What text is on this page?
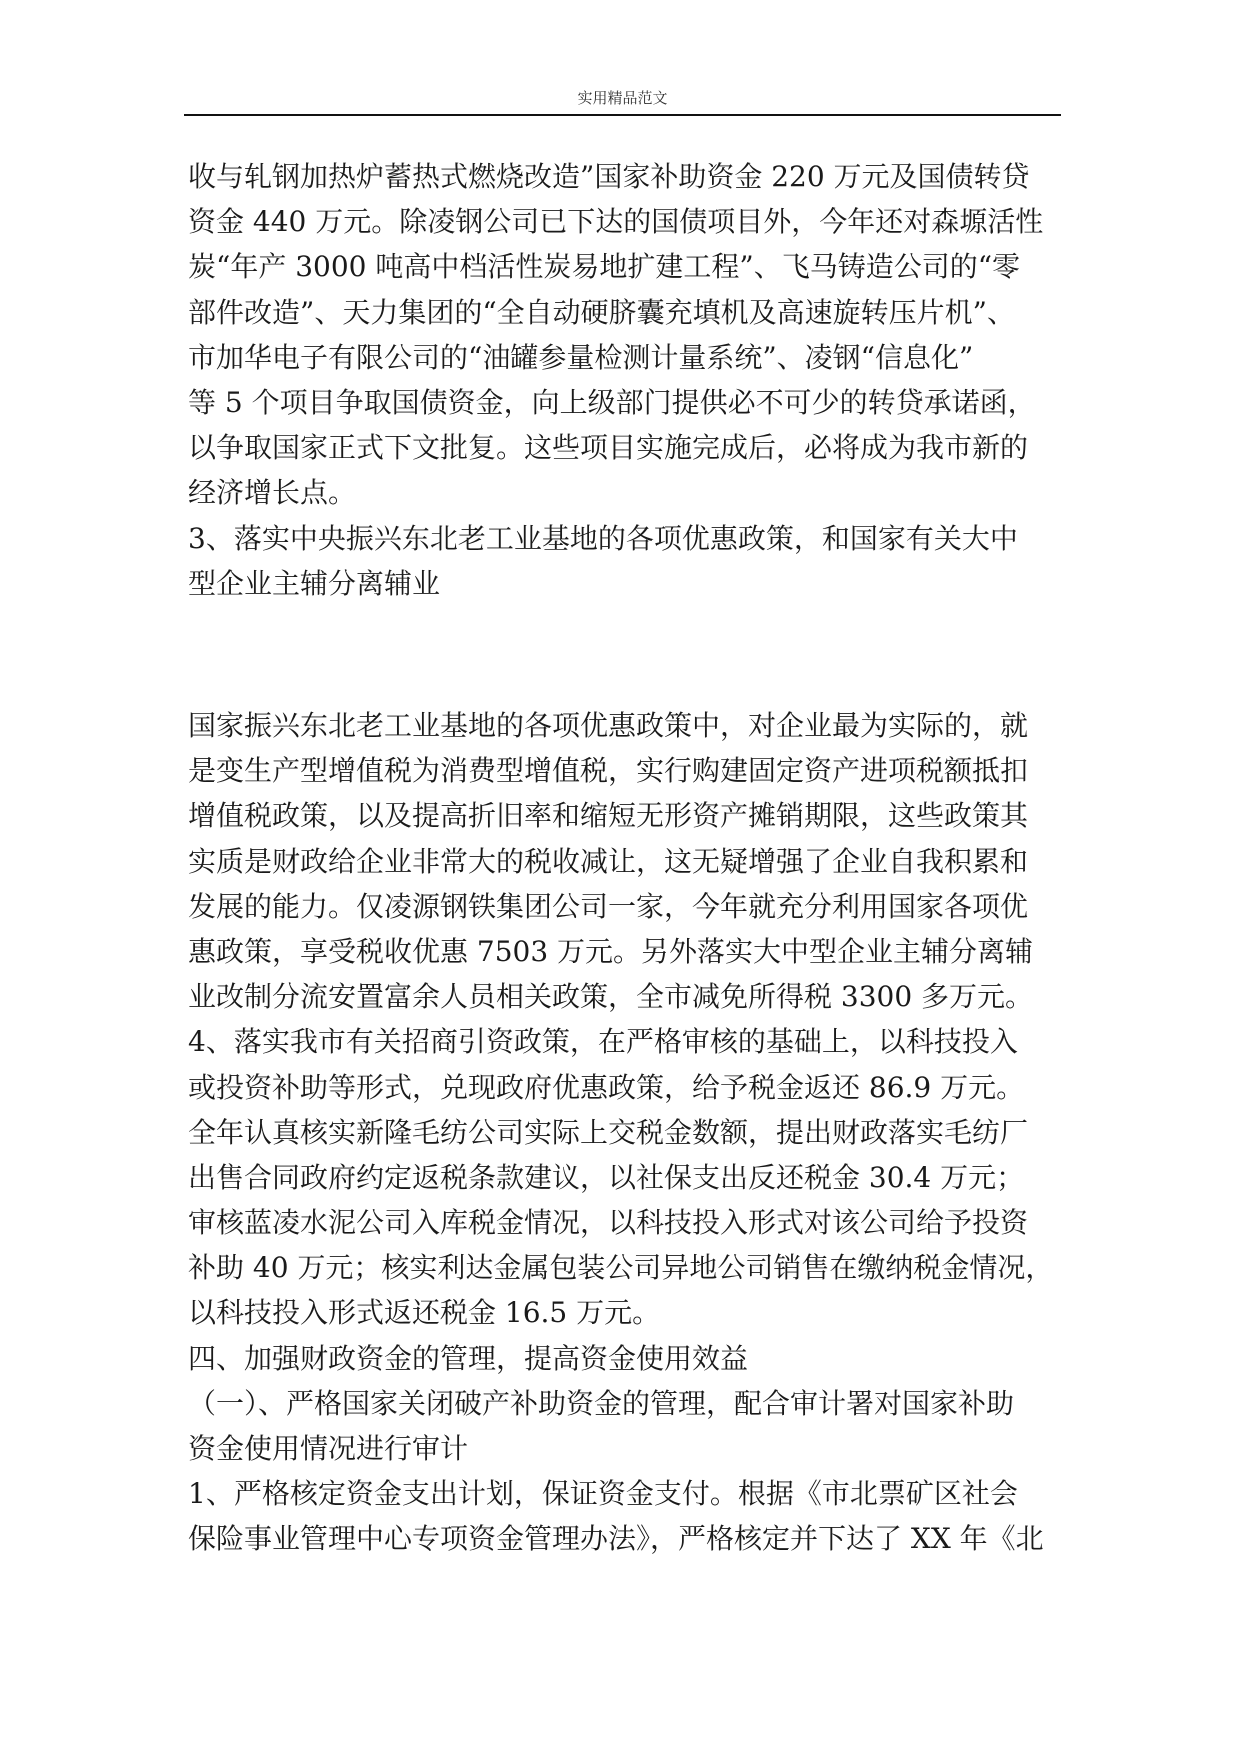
实用精品范文
收与轧钢加热炉蓄热式燃烧改造”国家补助资金 220 万元及国债转贷
资金 440 万元。除凌钢公司已下达的国债项目外，今年还对森塬活性
炭“年产 3000 吨高中档活性炭易地扩建工程”、飞马铸造公司的“零
部件改造”、天力集团的“全自动硬脐囊充填机及高速旋转压片机”、
市加华电子有限公司的“油罐参量检测计量系统”、凌钢“信息化”
等 5 个项目争取国债资金，向上级部门提供必不可少的转贷承诺函，
以争取国家正式下文批复。这些项目实施完成后，必将成为我市新的
经济增长点。
3、落实中央振兴东北老工业基地的各项优惠政策，和国家有关大中
型企业主辅分离辅业
国家振兴东北老工业基地的各项优惠政策中，对企业最为实际的，就
是变生产型增值税为消费型增值税，实行购建固定资产进项税额抵扣
增值税政策，以及提高折旧率和缩短无形资产摊销期限，这些政策其
实质是财政给企业非常大的税收减让，这无疑增强了企业自我积累和
发展的能力。仅凌源钢铁集团公司一家，今年就充分利用国家各项优
惠政策，享受税收优惠 7503 万元。另外落实大中型企业主辅分离辅
业改制分流安置富余人员相关政策，全市减免所得税 3300 多万元。
4、落实我市有关招商引资政策，在严格审核的基础上，以科技投入
或投资补助等形式，兑现政府优惠政策，给予税金返还 86.9 万元。
全年认真核实新隆毛纺公司实际上交税金数额，提出财政落实毛纺厂
出售合同政府约定返税条款建议，以社保支出反还税金 30.4 万元；
审核蓝凌水泥公司入库税金情况，以科技投入形式对该公司给予投资
补助 40 万元；核实利达金属包装公司异地公司销售在缴纳税金情况，
以科技投入形式返还税金 16.5 万元。
四、加强财政资金的管理，提高资金使用效益
（一）、严格国家关闭破产补助资金的管理，配合审计署对国家补助
资金使用情况进行审计
1、严格核定资金支出计划，保证资金支付。根据《市北票矿区社会
保险事业管理中心专项资金管理办法》，严格核定并下达了 XX 年《北
